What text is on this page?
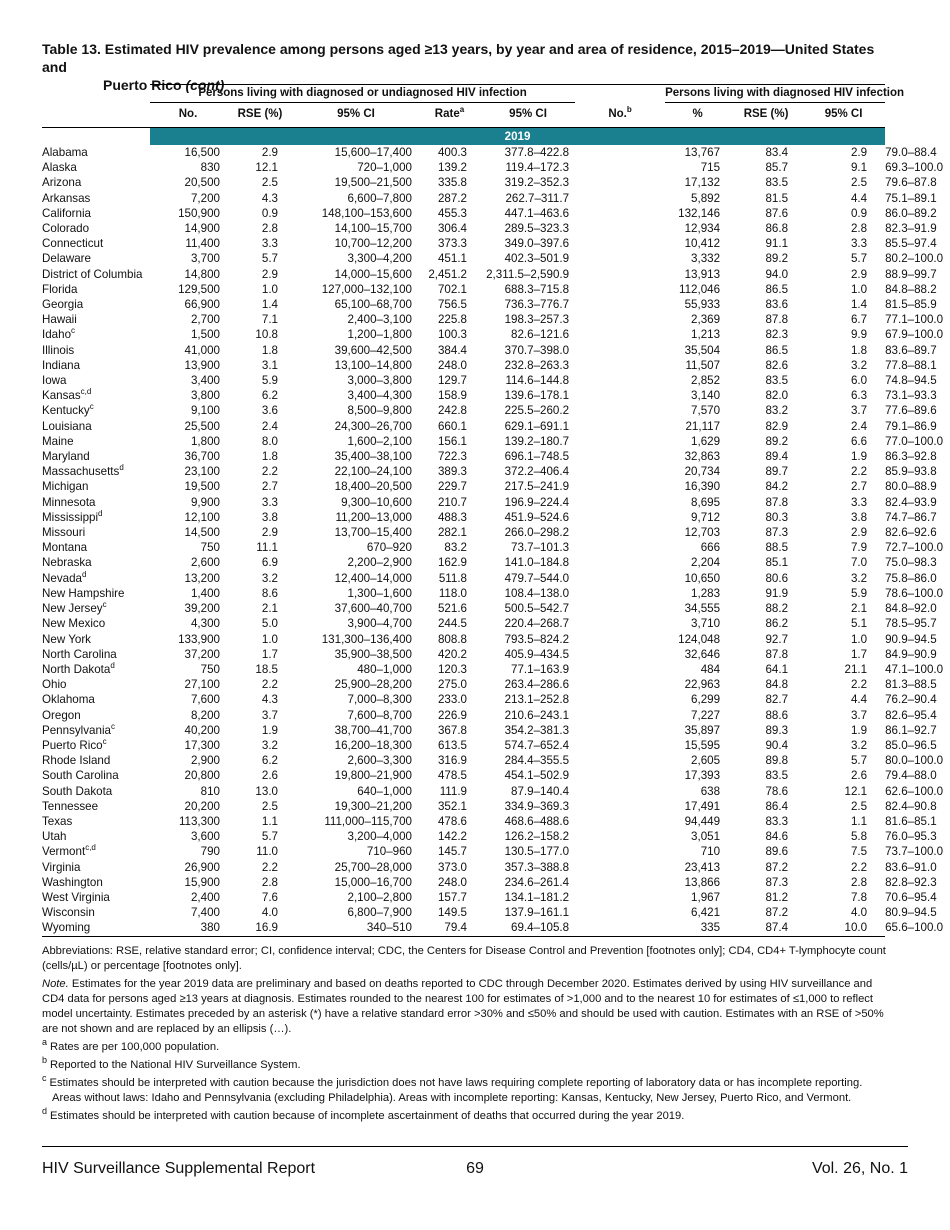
Table 13. Estimated HIV prevalence among persons aged ≥13 years, by year and area of residence, 2015–2019—United States and
Puerto Rico (cont)
	Persons living with diagnosed or undiagnosed HIV infection						Persons living with diagnosed HIV infection			
	No.	RSE (%)	95% CI	Rate$^a$	95% CI	No.$^b$	%	RSE (%)	95% CI	
	2019									
Alabama	16,500	2.9	15,600–17,400	400.3	377.8–422.8		13,767	83.4	2.9	79.0–88.4
Alaska	830	12.1	720–1,000	139.2	119.4–172.3		715	85.7	9.1	69.3–100.0
Arizona	20,500	2.5	19,500–21,500	335.8	319.2–352.3		17,132	83.5	2.5	79.6–87.8
Arkansas	7,200	4.3	6,600–7,800	287.2	262.7–311.7		5,892	81.5	4.4	75.1–89.1
California	150,900	0.9	148,100–153,600	455.3	447.1–463.6		132,146	87.6	0.9	86.0–89.2
Colorado	14,900	2.8	14,100–15,700	306.4	289.5–323.3		12,934	86.8	2.8	82.3–91.9
Connecticut	11,400	3.3	10,700–12,200	373.3	349.0–397.6		10,412	91.1	3.3	85.5–97.4
Delaware	3,700	5.7	3,300–4,200	451.1	402.3–501.9		3,332	89.2	5.7	80.2–100.0
District of Columbia	14,800	2.9	14,000–15,600	2,451.2	2,311.5–2,590.9		13,913	94.0	2.9	88.9–99.7
Florida	129,500	1.0	127,000–132,100	702.1	688.3–715.8		112,046	86.5	1.0	84.8–88.2
Georgia	66,900	1.4	65,100–68,700	756.5	736.3–776.7		55,933	83.6	1.4	81.5–85.9
Hawaii	2,700	7.1	2,400–3,100	225.8	198.3–257.3		2,369	87.8	6.7	77.1–100.0
Idaho$^c$	1,500	10.8	1,200–1,800	100.3	82.6–121.6		1,213	82.3	9.9	67.9–100.0
Illinois	41,000	1.8	39,600–42,500	384.4	370.7–398.0		35,504	86.5	1.8	83.6–89.7
Indiana	13,900	3.1	13,100–14,800	248.0	232.8–263.3		11,507	82.6	3.2	77.8–88.1
Iowa	3,400	5.9	3,000–3,800	129.7	114.6–144.8		2,852	83.5	6.0	74.8–94.5
Kansas$^{c,d}$	3,800	6.2	3,400–4,300	158.9	139.6–178.1		3,140	82.0	6.3	73.1–93.3
Kentucky$^c$	9,100	3.6	8,500–9,800	242.8	225.5–260.2		7,570	83.2	3.7	77.6–89.6
Louisiana	25,500	2.4	24,300–26,700	660.1	629.1–691.1		21,117	82.9	2.4	79.1–86.9
Maine	1,800	8.0	1,600–2,100	156.1	139.2–180.7		1,629	89.2	6.6	77.0–100.0
Maryland	36,700	1.8	35,400–38,100	722.3	696.1–748.5		32,863	89.4	1.9	86.3–92.8
Massachusetts$^d$	23,100	2.2	22,100–24,100	389.3	372.2–406.4		20,734	89.7	2.2	85.9–93.8
Michigan	19,500	2.7	18,400–20,500	229.7	217.5–241.9		16,390	84.2	2.7	80.0–88.9
Minnesota	9,900	3.3	9,300–10,600	210.7	196.9–224.4		8,695	87.8	3.3	82.4–93.9
Mississippi$^d$	12,100	3.8	11,200–13,000	488.3	451.9–524.6		9,712	80.3	3.8	74.7–86.7
Missouri	14,500	2.9	13,700–15,400	282.1	266.0–298.2		12,703	87.3	2.9	82.6–92.6
Montana	750	11.1	670–920	83.2	73.7–101.3		666	88.5	7.9	72.7–100.0
Nebraska	2,600	6.9	2,200–2,900	162.9	141.0–184.8		2,204	85.1	7.0	75.0–98.3
Nevada$^d$	13,200	3.2	12,400–14,000	511.8	479.7–544.0		10,650	80.6	3.2	75.8–86.0
New Hampshire	1,400	8.6	1,300–1,600	118.0	108.4–138.0		1,283	91.9	5.9	78.6–100.0
New Jersey$^c$	39,200	2.1	37,600–40,700	521.6	500.5–542.7		34,555	88.2	2.1	84.8–92.0
New Mexico	4,300	5.0	3,900–4,700	244.5	220.4–268.7		3,710	86.2	5.1	78.5–95.7
New York	133,900	1.0	131,300–136,400	808.8	793.5–824.2		124,048	92.7	1.0	90.9–94.5
North Carolina	37,200	1.7	35,900–38,500	420.2	405.9–434.5		32,646	87.8	1.7	84.9–90.9
North Dakota$^d$	750	18.5	480–1,000	120.3	77.1–163.9		484	64.1	21.1	47.1–100.0
Ohio	27,100	2.2	25,900–28,200	275.0	263.4–286.6		22,963	84.8	2.2	81.3–88.5
Oklahoma	7,600	4.3	7,000–8,300	233.0	213.1–252.8		6,299	82.7	4.4	76.2–90.4
Oregon	8,200	3.7	7,600–8,700	226.9	210.6–243.1		7,227	88.6	3.7	82.6–95.4
Pennsylvania$^c$	40,200	1.9	38,700–41,700	367.8	354.2–381.3		35,897	89.3	1.9	86.1–92.7
Puerto Rico$^c$	17,300	3.2	16,200–18,300	613.5	574.7–652.4		15,595	90.4	3.2	85.0–96.5
Rhode Island	2,900	6.2	2,600–3,300	316.9	284.4–355.5		2,605	89.8	5.7	80.0–100.0
South Carolina	20,800	2.6	19,800–21,900	478.5	454.1–502.9		17,393	83.5	2.6	79.4–88.0
South Dakota	810	13.0	640–1,000	111.9	87.9–140.4		638	78.6	12.1	62.6–100.0
Tennessee	20,200	2.5	19,300–21,200	352.1	334.9–369.3		17,491	86.4	2.5	82.4–90.8
Texas	113,300	1.1	111,000–115,700	478.6	468.6–488.6		94,449	83.3	1.1	81.6–85.1
Utah	3,600	5.7	3,200–4,000	142.2	126.2–158.2		3,051	84.6	5.8	76.0–95.3
Vermont$^{c,d}$	790	11.0	710–960	145.7	130.5–177.0		710	89.6	7.5	73.7–100.0
Virginia	26,900	2.2	25,700–28,000	373.0	357.3–388.8		23,413	87.2	2.2	83.6–91.0
Washington	15,900	2.8	15,000–16,700	248.0	234.6–261.4		13,866	87.3	2.8	82.8–92.3
West Virginia	2,400	7.6	2,100–2,800	157.7	134.1–181.2		1,967	81.2	7.8	70.6–95.4
Wisconsin	7,400	4.0	6,800–7,900	149.5	137.9–161.1		6,421	87.2	4.0	80.9–94.5
Wyoming	380	16.9	340–510	79.4	69.4–105.8		335	87.4	10.0	65.6–100.0

Abbreviations: RSE, relative standard error; CI, confidence interval; CDC, the Centers for Disease Control and Prevention [footnotes only]; CD4, CD4+ T-lymphocyte count (cells/µL) or percentage [footnotes only].

Note. Estimates for the year 2019 data are preliminary and based on deaths reported to CDC through December 2020. Estimates derived by using HIV surveillance and CD4 data for persons aged ≥13 years at diagnosis. Estimates rounded to the nearest 100 for estimates of >1,000 and to the nearest 10 for estimates of ≤1,000 to reflect model uncertainty. Estimates preceded by an asterisk (*) have a relative standard error >30% and ≤50% and should be used with caution. Estimates with an RSE of >50% are not shown and are replaced by an ellipsis (…).

$^a$ Rates are per 100,000 population.

$^b$ Reported to the National HIV Surveillance System.

$^c$ Estimates should be interpreted with caution because the jurisdiction does not have laws requiring complete reporting of laboratory data or has incomplete reporting. Areas without laws: Idaho and Pennsylvania (excluding Philadelphia). Areas with incomplete reporting: Kansas, Kentucky, New Jersey, Puerto Rico, and Vermont.

$^d$ Estimates should be interpreted with caution because of incomplete ascertainment of deaths that occurred during the year 2019.

HIV Surveillance Supplemental Report	69	Vol. 26, No. 1
